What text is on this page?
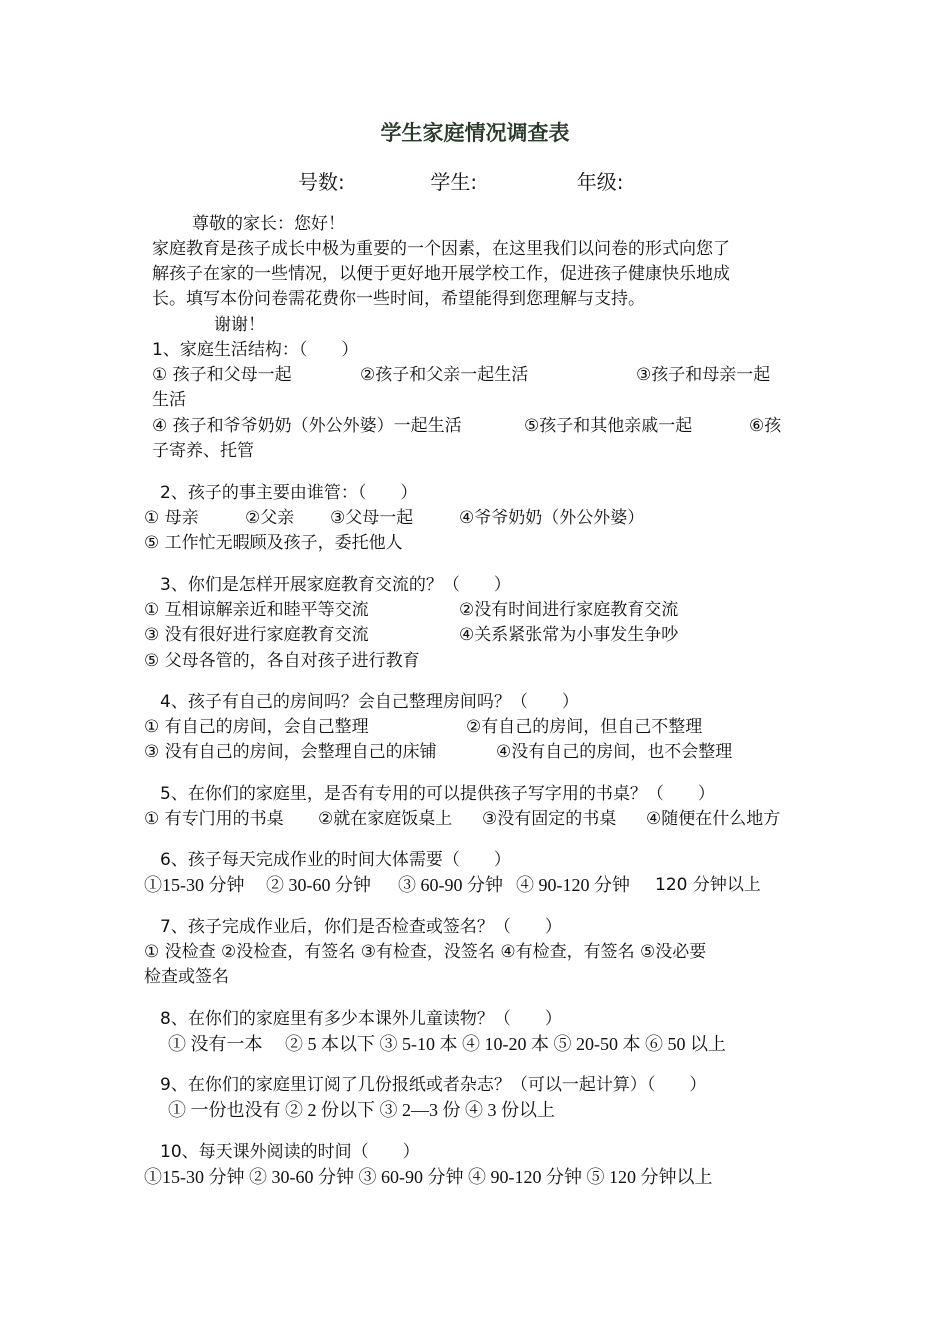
学生家庭情况调查表
号数:	学生:	年级:
尊敬的家长：您好！
家庭教育是孩子成长中极为重要的一个因素，在这里我们以问卷的形式向您了
解孩子在家的一些情况，以便于更好地开展学校工作，促进孩子健康快乐地成
长。填写本份问卷需花费你一些时间，希望能得到您理解与支持。
谢谢！
1、家庭生活结构：（　　）
① 孩子和父母一起	②孩子和父亲一起生活	③孩子和母亲一起
生活
④ 孩子和爷爷奶奶（外公外婆）一起生活	⑤孩子和其他亲戚一起	⑥孩
子寄养、托管
2、孩子的事主要由谁管：（　　）
① 母亲	②父亲 ③父母一起	④爷爷奶奶（外公外婆）
⑤ 工作忙无暇顾及孩子，委托他人
3、你们是怎样开展家庭教育交流的？（　　）
① 互相谅解亲近和睦平等交流	②没有时间进行家庭教育交流
③ 没有很好进行家庭教育交流	④关系紧张常为小事发生争吵
⑤ 父母各管的，各自对孩子进行教育
4、孩子有自己的房间吗？会自己整理房间吗？（　　）
① 有自己的房间，会自己整理	②有自己的房间，但自己不整理
③ 没有自己的房间，会整理自己的床铺	④没有自己的房间，也不会整理
5、在你们的家庭里，是否有专用的可以提供孩子写字用的书桌？（　　）
① 有专门用的书桌 ②就在家庭饭桌上 ③没有固定的书桌 ④随便在什么地方
6、孩子每天完成作业的时间大体需要（　　）
①15-30 分钟 ② 30-60 分钟 ③ 60-90 分钟 ④ 90-120 分钟 120 分钟以上
7、孩子完成作业后，你们是否检查或签名？（　　）
① 没检查 ②没检查，有签名 ③有检查，没签名 ④有检查，有签名 ⑤没必要
检查或签名
8、在你们的家庭里有多少本课外儿童读物？（　　）
① 没有一本　 ② 5 本以下 ③ 5-10 本 ④ 10-20 本 ⑤ 20-50 本 ⑥ 50 以上
9、在你们的家庭里订阅了几份报纸或者杂志？（可以一起计算）（　　）
① 一份也没有 ② 2 份以下 ③ 2—3 份 ④ 3 份以上
10、每天课外阅读的时间（　　）
①15-30 分钟 ② 30-60 分钟 ③ 60-90 分钟 ④ 90-120 分钟 ⑤ 120 分钟以上
